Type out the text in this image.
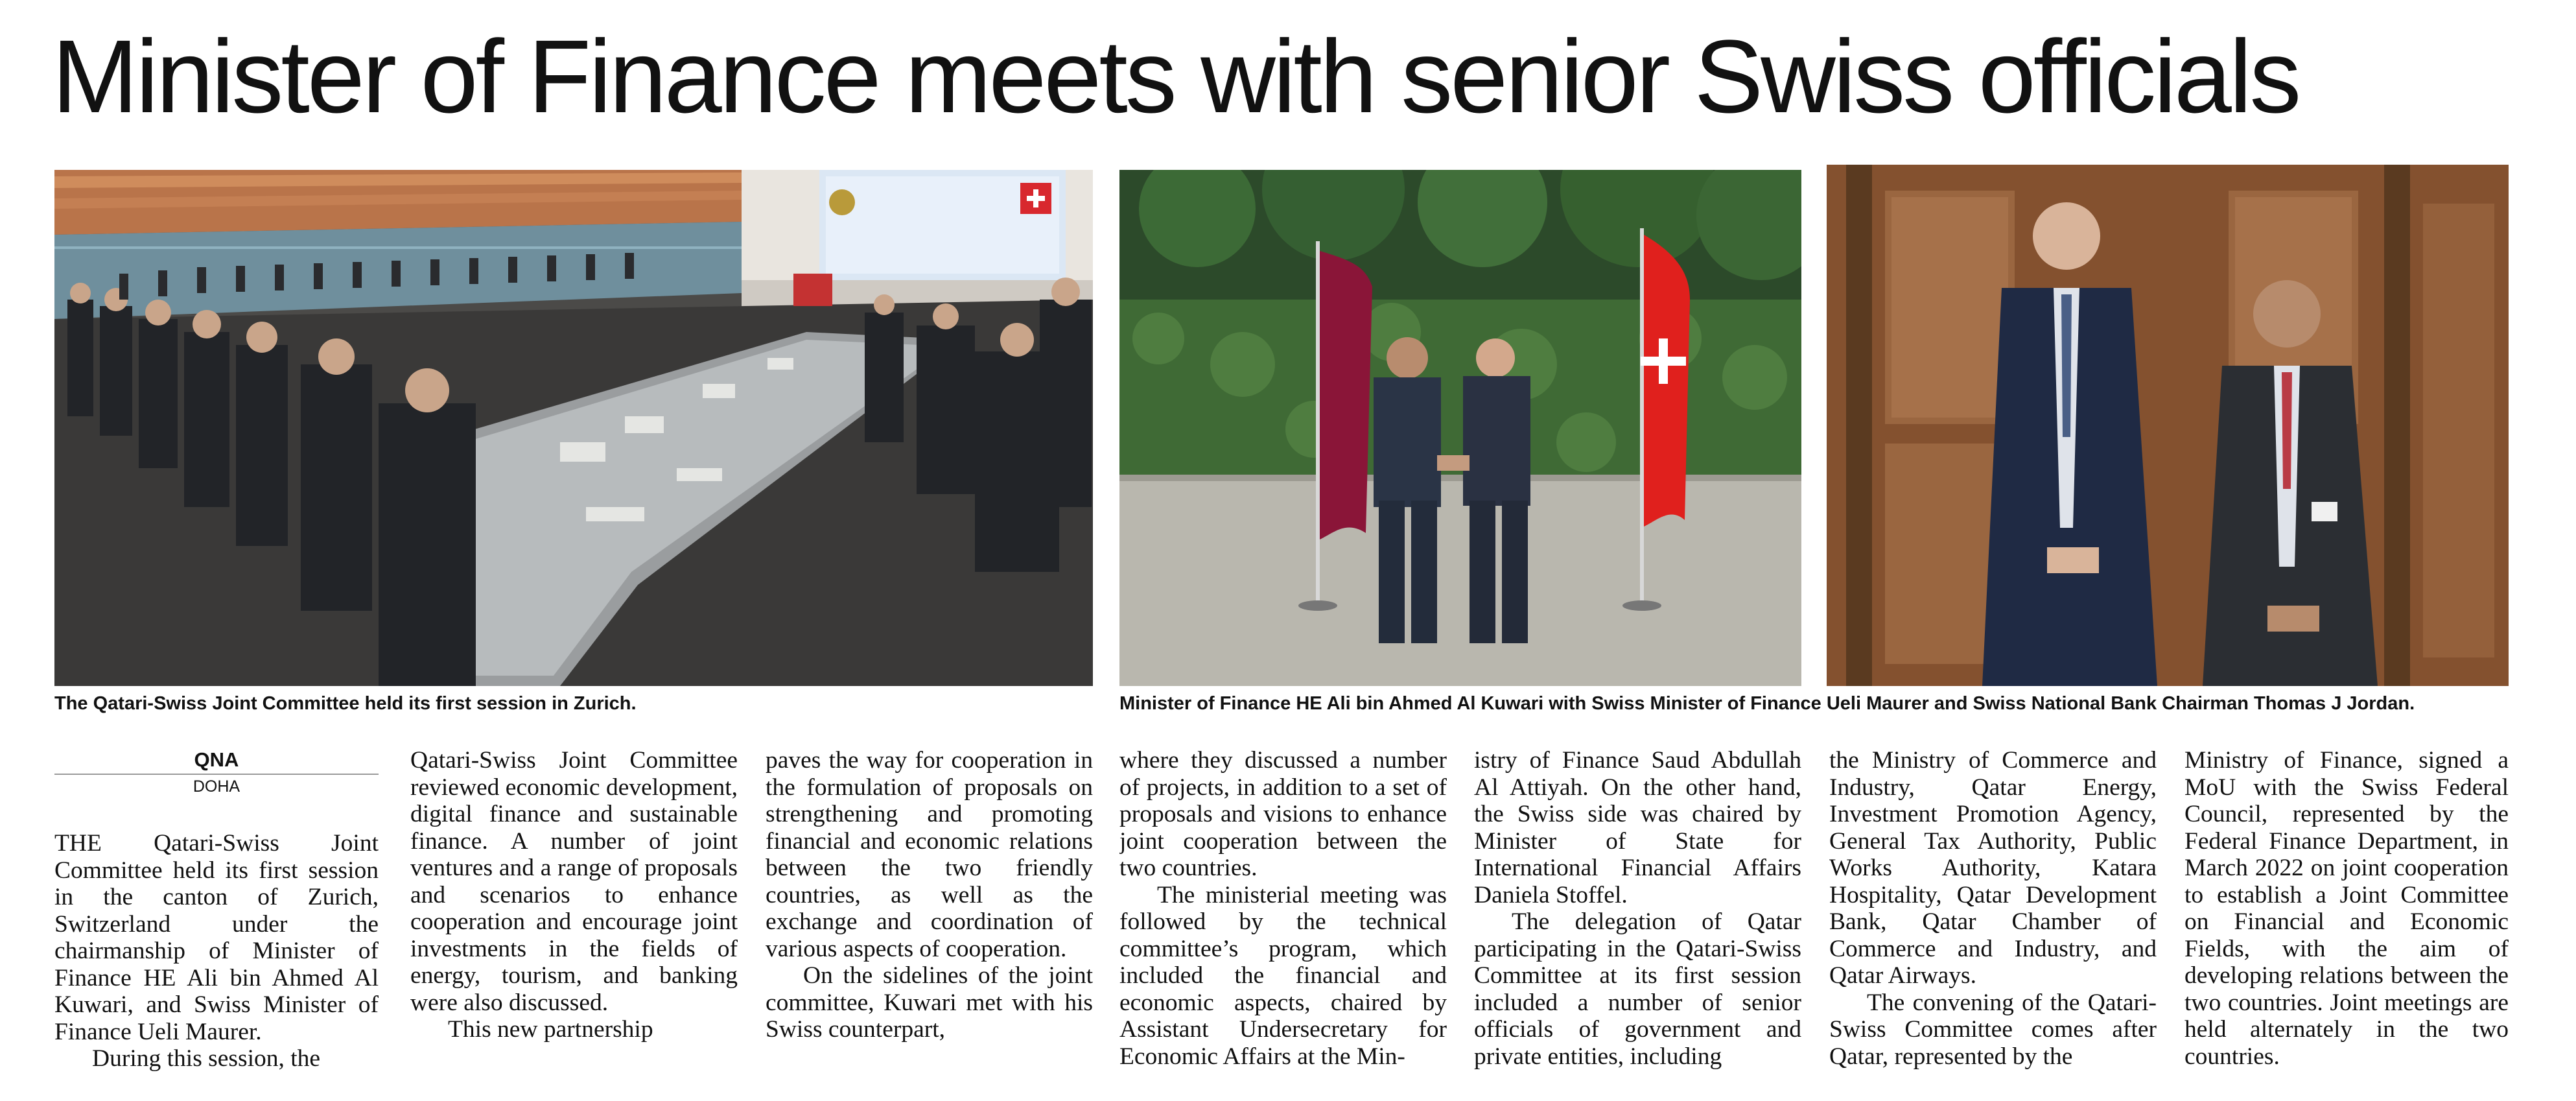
Minister of Finance meets with senior Swiss officials
The Qatari-Swiss Joint Committee held its first session in Zurich.	Minister of Finance HE Ali bin Ahmed Al Kuwari with Swiss Minister of Finance Ueli Maurer and Swiss National Bank Chairman Thomas J Jordan.
QNA
DOHA

THE Qatari-Swiss Joint Committee held its first session in the canton of Zurich, Switzerland under the chairmanship of Minister of Finance HE Ali bin Ahmed Al Kuwari, and Swiss Minister of Finance Ueli Maurer.

During this session, the

Qatari-Swiss Joint Committee reviewed economic development, digital finance and sustainable finance. A number of joint ventures and a range of proposals and scenarios to enhance cooperation and encourage joint investments in the fields of energy, tourism, and banking were also discussed.

This new partnership

paves the way for cooperation in the formulation of proposals on strengthening and promoting financial and economic relations between the two friendly countries, as well as the exchange and coordination of various aspects of cooperation.

On the sidelines of the joint committee, Kuwari met with his Swiss counterpart,

where they discussed a number of projects, in addition to a set of proposals and visions to enhance joint cooperation between the two countries.

The ministerial meeting was followed by the technical committee’s program, which included the financial and economic aspects, chaired by Assistant Undersecretary for Economic Affairs at the Min-

istry of Finance Saud Abdullah Al Attiyah. On the other hand, the Swiss side was chaired by Minister of State for International Financial Affairs Daniela Stoffel.

The delegation of Qatar participating in the Qatari-Swiss Committee at its first session included a number of senior officials of government and private entities, including

the Ministry of Commerce and Industry, Qatar Energy, Investment Promotion Agency, General Tax Authority, Public Works Authority, Katara Hospitality, Qatar Development Bank, Qatar Chamber of Commerce and Industry, and Qatar Airways.

The convening of the Qatari-Swiss Committee comes after Qatar, represented by the

Ministry of Finance, signed a MoU with the Swiss Federal Council, represented by the Federal Finance Department, in March 2022 on joint cooperation to establish a Joint Committee on Financial and Economic Fields, with the aim of developing relations between the two countries. Joint meetings are held alternately in the two countries.
